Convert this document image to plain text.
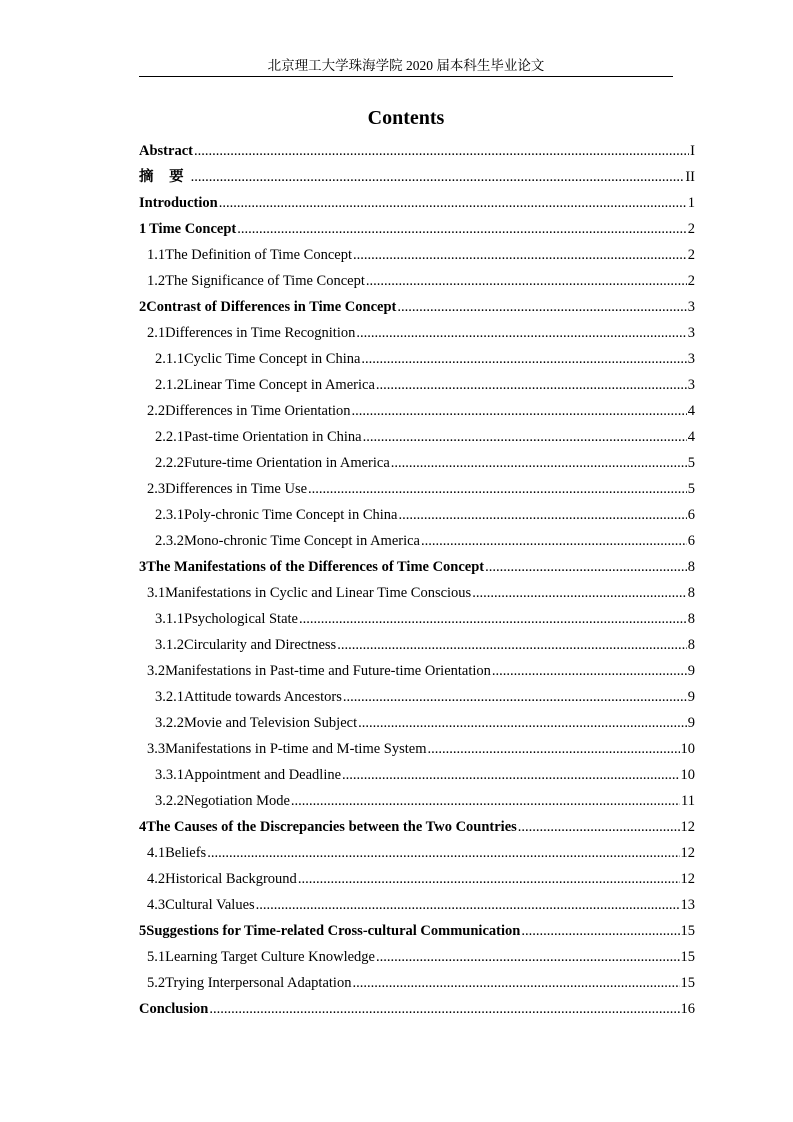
北京理工大学珠海学院 2020 届本科生毕业论文
Contents
Abstract .....	I
摘 要 .....	II
Introduction .....	1
1 Time Concept .....	2
1.1 The Definition of Time Concept .....	2
1.2 The Significance of Time Concept .....	2
2 Contrast of Differences in Time Concept .....	3
2.1 Differences in Time Recognition .....	3
2.1.1 Cyclic Time Concept in China .....	3
2.1.2 Linear Time Concept in America .....	3
2.2 Differences in Time Orientation .....	4
2.2.1 Past-time Orientation in China .....	4
2.2.2 Future-time Orientation in America .....	5
2.3 Differences in Time Use .....	5
2.3.1 Poly-chronic Time Concept in China .....	6
2.3.2 Mono-chronic Time Concept in America .....	6
3 The Manifestations of the Differences of Time Concept .....	8
3.1 Manifestations in Cyclic and Linear Time Conscious .....	8
3.1.1 Psychological State .....	8
3.1.2 Circularity and Directness .....	8
3.2 Manifestations in Past-time and Future-time Orientation .....	9
3.2.1 Attitude towards Ancestors .....	9
3.2.2 Movie and Television Subject .....	9
3.3 Manifestations in P-time and M-time System .....	10
3.3.1 Appointment and Deadline .....	10
3.2.2 Negotiation Mode .....	11
4 The Causes of the Discrepancies between the Two Countries .....	12
4.1 Beliefs .....	12
4.2 Historical Background .....	12
4.3 Cultural Values .....	13
5 Suggestions for Time-related Cross-cultural Communication .....	15
5.1 Learning Target Culture Knowledge .....	15
5.2 Trying Interpersonal Adaptation .....	15
Conclusion .....	16
